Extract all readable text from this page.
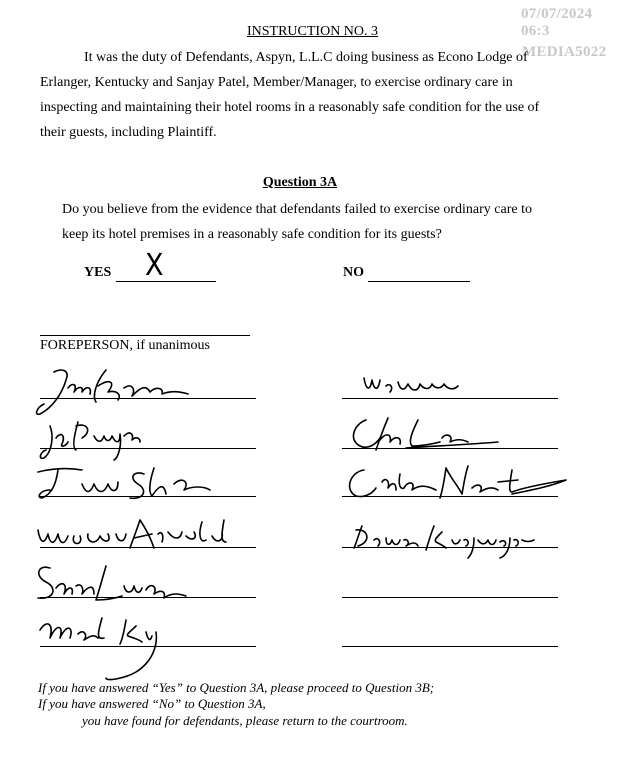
07/07/2024 06:3
MEDIA5022
INSTRUCTION NO. 3
It was the duty of Defendants, Aspyn, L.L.C doing business as Econo Lodge of
Erlanger, Kentucky and Sanjay Patel, Member/Manager, to exercise ordinary care in
inspecting and maintaining their hotel rooms in a reasonably safe condition for the use of
their guests, including Plaintiff.
Question 3A
Do you believe from the evidence that defendants failed to exercise ordinary care to
keep its hotel premises in a reasonably safe condition for its guests?
YES X	NO
FOREPERSON, if unanimous
If you have answered “Yes” to Question 3A, please proceed to Question 3B;
If you have answered “No” to Question 3A,
you have found for defendants, please return to the courtroom.
